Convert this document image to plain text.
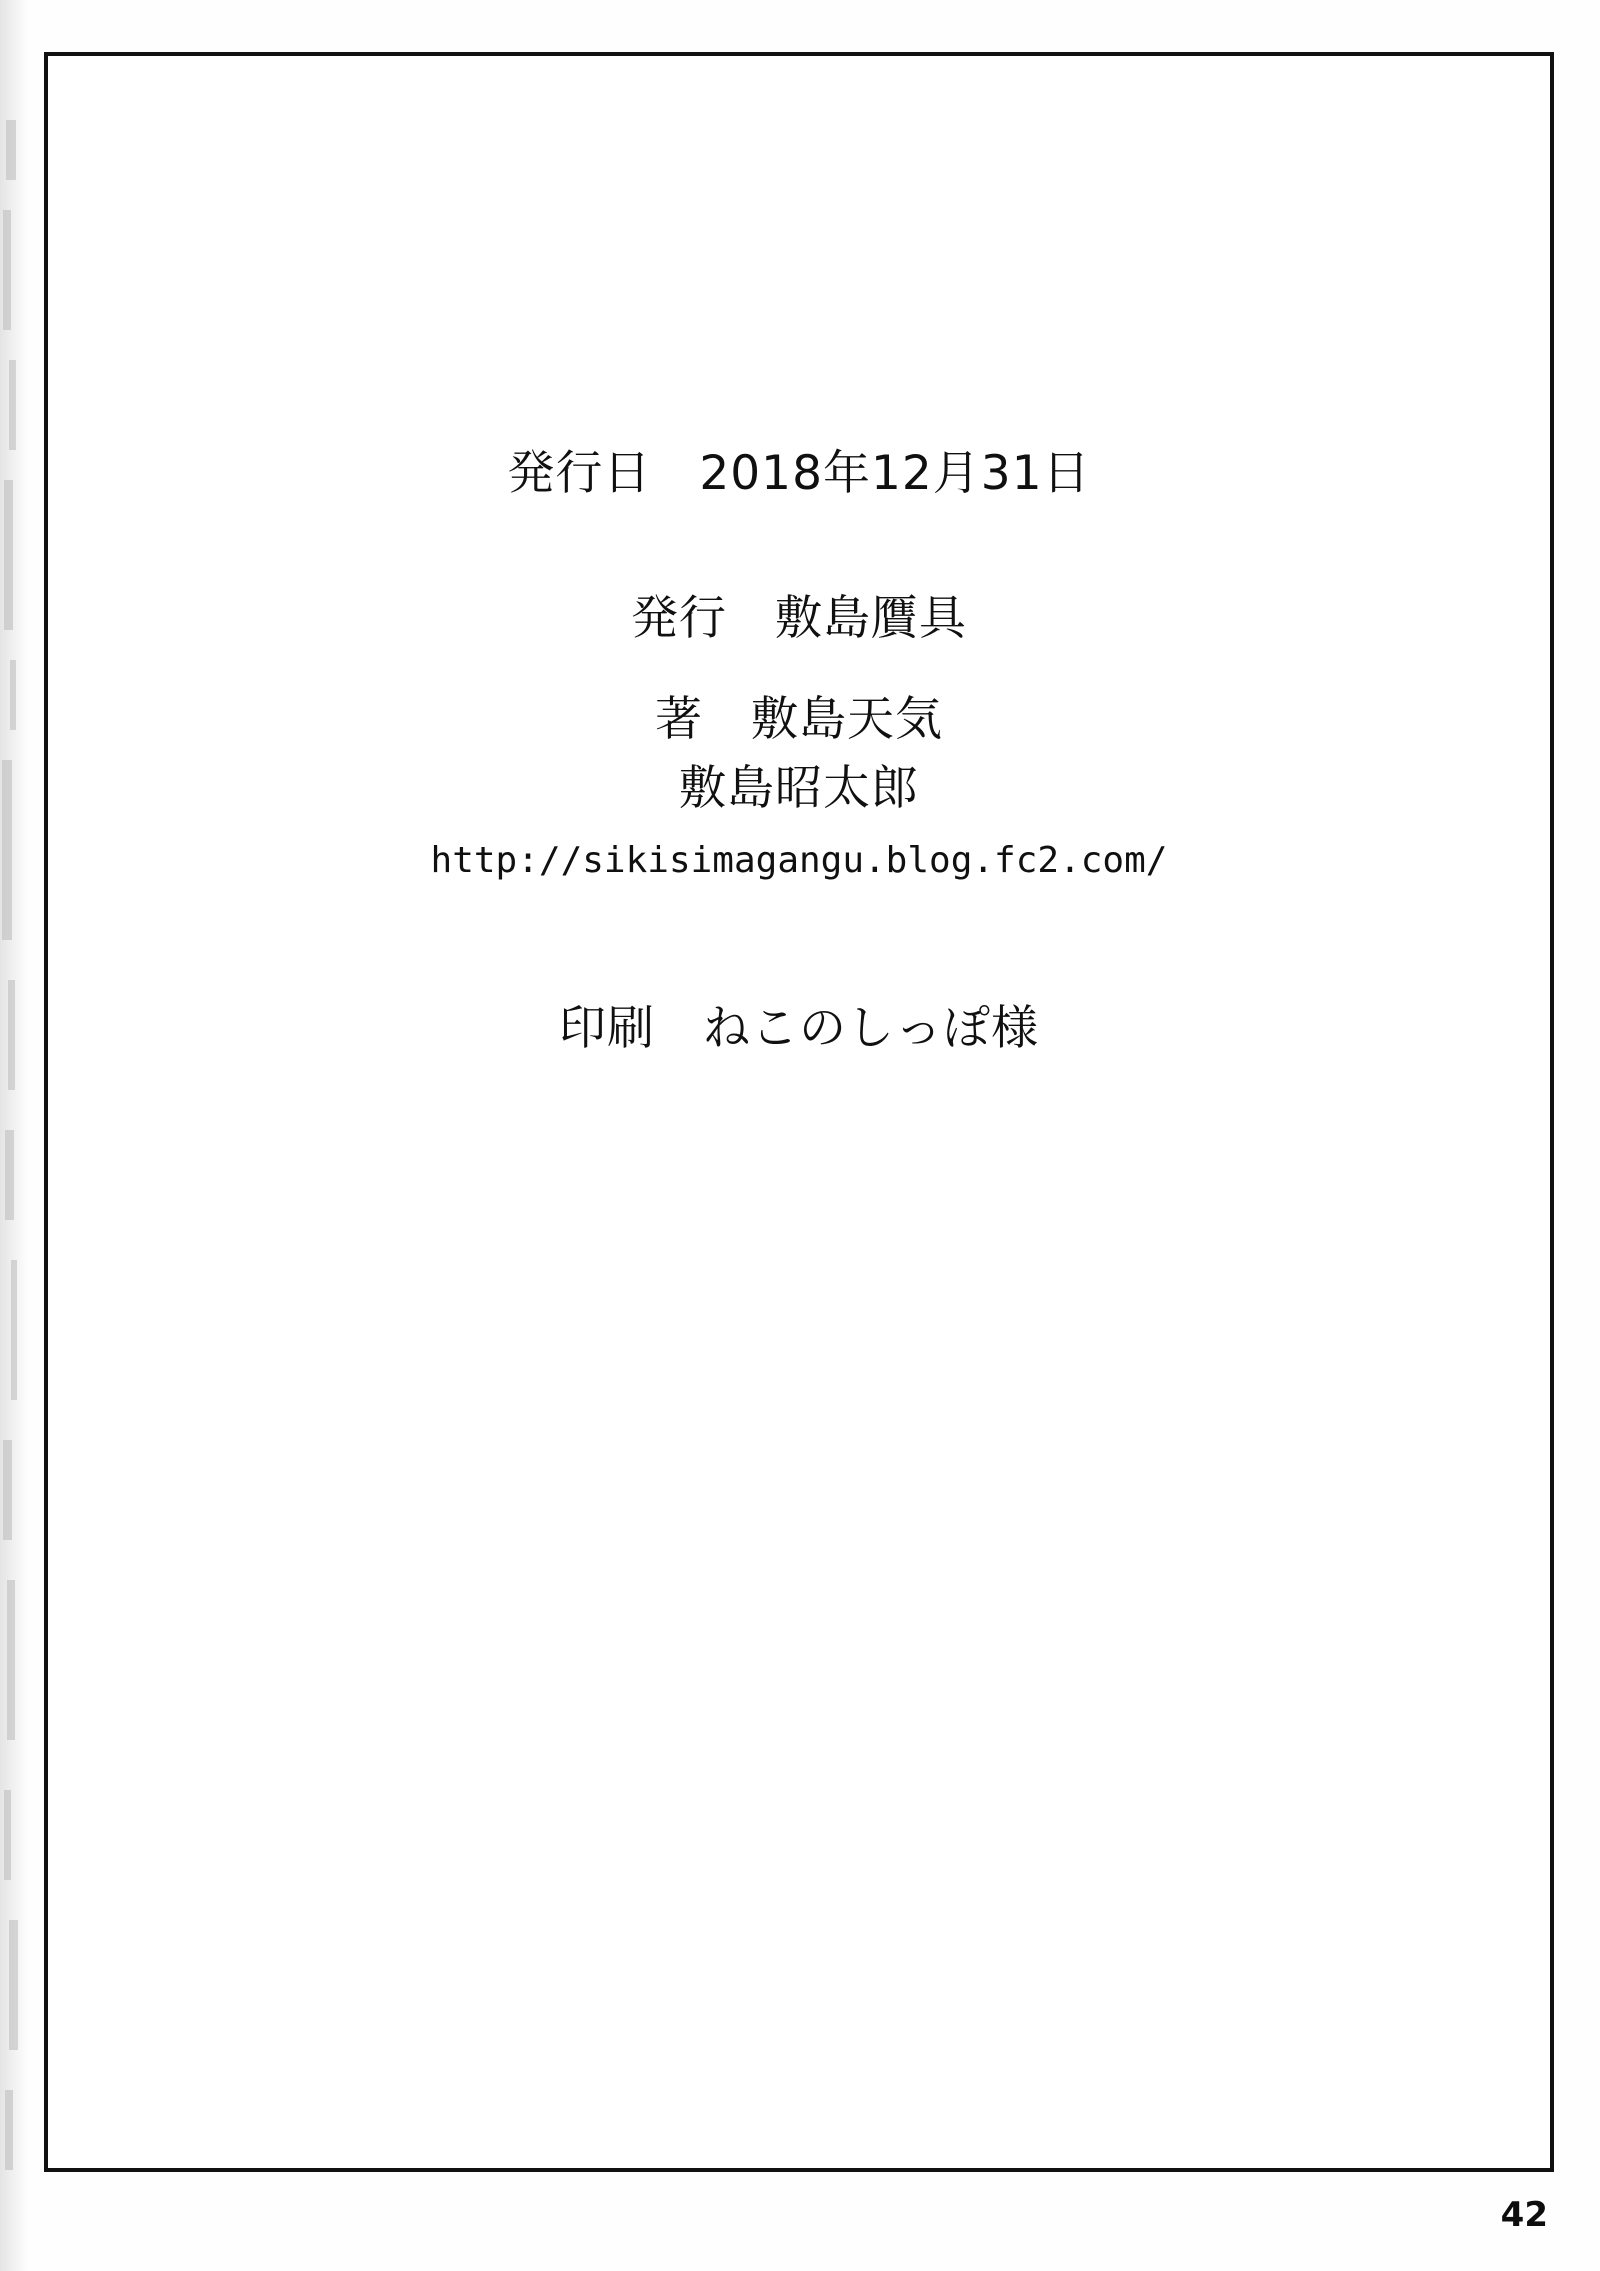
発行日　2018年12月31日
発行　敷島贋具
著　敷島天気
敷島昭太郎
http://sikisimagangu.blog.fc2.com/
印刷　ねこのしっぽ様
42
